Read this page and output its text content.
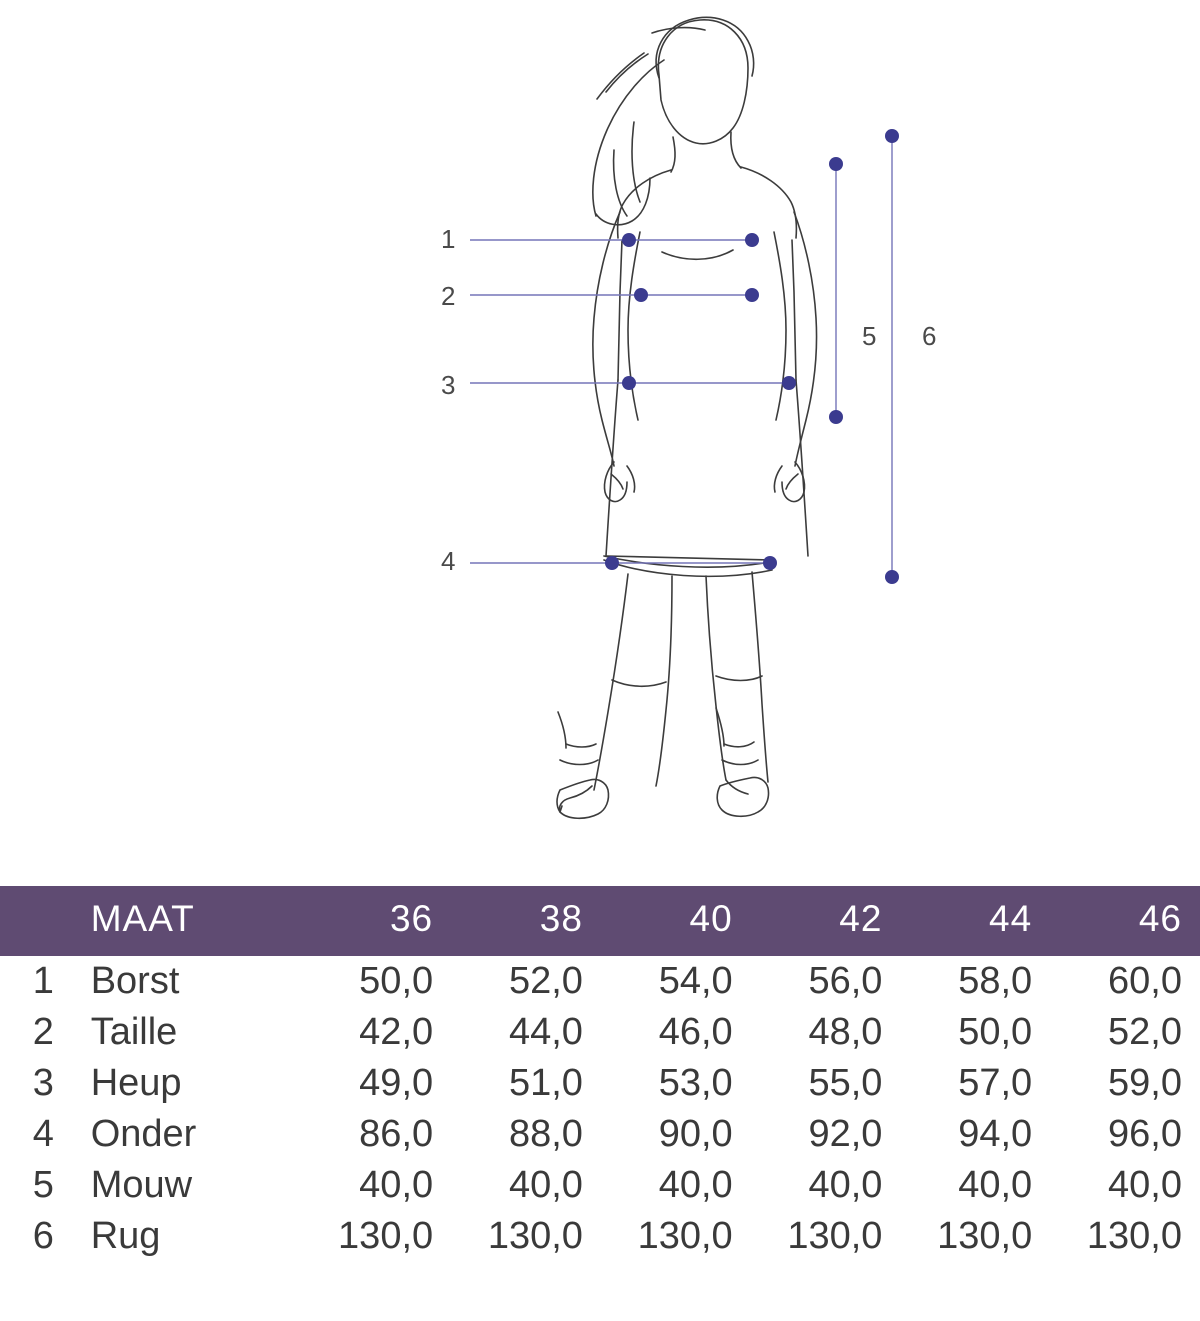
1
2
3
4
5 6
	MAAT	36	38	40	42	44	46
1	Borst	50,0	52,0	54,0	56,0	58,0	60,0
2	Taille	42,0	44,0	46,0	48,0	50,0	52,0
3	Heup	49,0	51,0	53,0	55,0	57,0	59,0
4	Onder	86,0	88,0	90,0	92,0	94,0	96,0
5	Mouw	40,0	40,0	40,0	40,0	40,0	40,0
6	Rug	130,0	130,0	130,0	130,0	130,0	130,0
